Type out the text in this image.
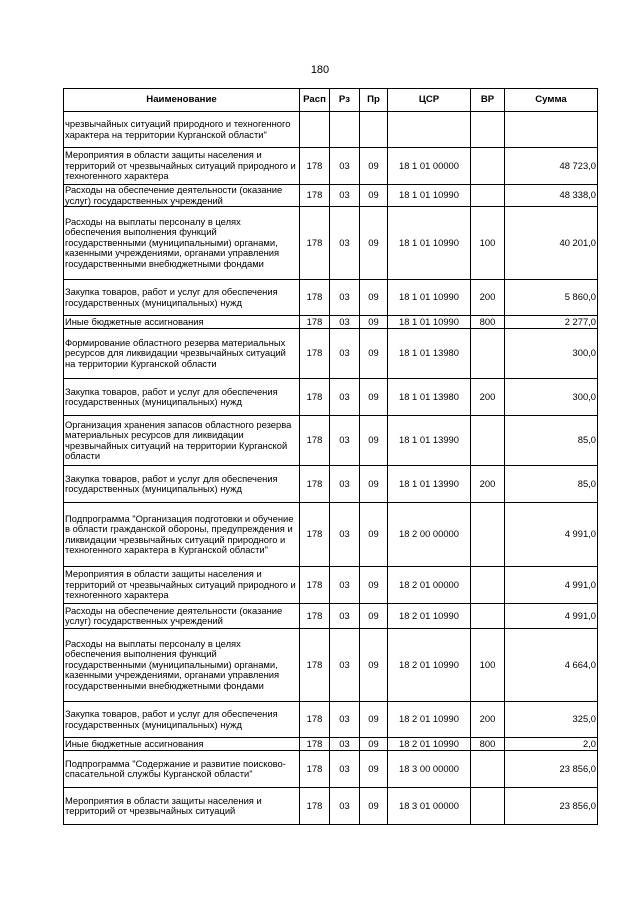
180
Наименование	Расп	Рз	Пр	ЦСР	ВР	Сумма
чрезвычайных ситуаций природного и техногенного характера на территории Курганской области"						
Мероприятия в области защиты населения и территорий от чрезвычайных ситуаций природного и техногенного характера	178	03	09	18 1 01 00000		48 723,0
Расходы на обеспечение деятельности (оказание услуг) государственных учреждений	178	03	09	18 1 01 10990		48 338,0
Расходы на выплаты персоналу в целях обеспечения выполнения функций государственными (муниципальными) органами, казенными учреждениями, органами управления государственными внебюджетными фондами	178	03	09	18 1 01 10990	100	40 201,0
Закупка товаров, работ и услуг для обеспечения государственных (муниципальных) нужд	178	03	09	18 1 01 10990	200	5 860,0
Иные бюджетные ассигнования	178	03	09	18 1 01 10990	800	2 277,0
Формирование областного резерва материальных ресурсов для ликвидации чрезвычайных ситуаций на территории Курганской области	178	03	09	18 1 01 13980		300,0
Закупка товаров, работ и услуг для обеспечения государственных (муниципальных) нужд	178	03	09	18 1 01 13980	200	300,0
Организация хранения запасов областного резерва материальных ресурсов для ликвидации чрезвычайных ситуаций на территории Курганской области	178	03	09	18 1 01 13990		85,0
Закупка товаров, работ и услуг для обеспечения государственных (муниципальных) нужд	178	03	09	18 1 01 13990	200	85,0
Подпрограмма "Организация подготовки и обучение в области гражданской обороны, предупреждения и ликвидации чрезвычайных ситуаций природного и техногенного характера в Курганской области"	178	03	09	18 2 00 00000		4 991,0
Мероприятия в области защиты населения и территорий от чрезвычайных ситуаций природного и техногенного характера	178	03	09	18 2 01 00000		4 991,0
Расходы на обеспечение деятельности (оказание услуг) государственных учреждений	178	03	09	18 2 01 10990		4 991,0
Расходы на выплаты персоналу в целях обеспечения выполнения функций государственными (муниципальными) органами, казенными учреждениями, органами управления государственными внебюджетными фондами	178	03	09	18 2 01 10990	100	4 664,0
Закупка товаров, работ и услуг для обеспечения государственных (муниципальных) нужд	178	03	09	18 2 01 10990	200	325,0
Иные бюджетные ассигнования	178	03	09	18 2 01 10990	800	2,0
Подпрограмма "Содержание и развитие поисково-спасательной службы Курганской области"	178	03	09	18 3 00 00000		23 856,0
Мероприятия в области защиты населения и территорий от чрезвычайных ситуаций	178	03	09	18 3 01 00000		23 856,0
